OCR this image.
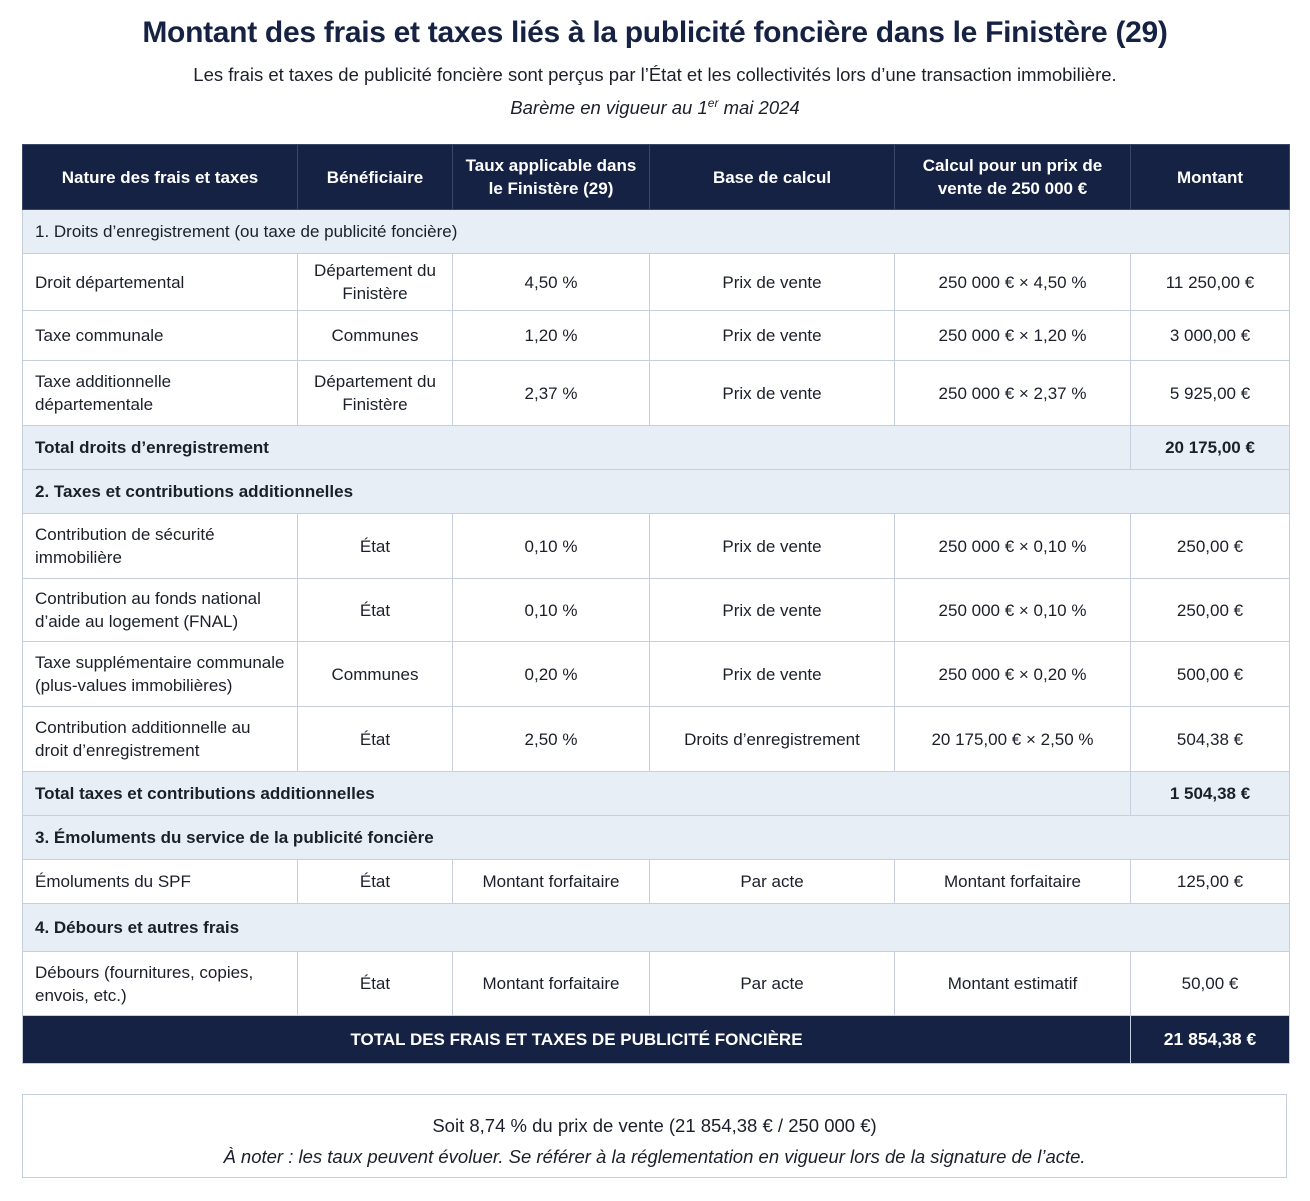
Montant des frais et taxes liés à la publicité foncière dans le Finistère (29)
Les frais et taxes de publicité foncière sont perçus par l’État et les collectivités lors d’une transaction immobilière.
Barème en vigueur au 1er mai 2024
Nature des frais et taxes	Bénéficiaire	Taux applicable dans le Finistère (29)	Base de calcul	Calcul pour un prix de vente de 250 000 €	Montant
1. Droits d’enregistrement (ou taxe de publicité foncière)					
Droit départemental	Département du Finistère	4,50 %	Prix de vente	250 000 € × 4,50 %	11 250,00 €
Taxe communale	Communes	1,20 %	Prix de vente	250 000 € × 1,20 %	3 000,00 €
Taxe additionnelle départementale	Département du Finistère	2,37 %	Prix de vente	250 000 € × 2,37 %	5 925,00 €
Total droits d’enregistrement					20 175,00 €
2. Taxes et contributions additionnelles					
Contribution de sécurité immobilière	État	0,10 %	Prix de vente	250 000 € × 0,10 %	250,00 €
Contribution au fonds national d’aide au logement (FNAL)	État	0,10 %	Prix de vente	250 000 € × 0,10 %	250,00 €
Taxe supplémentaire communale (plus-values immobilières)	Communes	0,20 %	Prix de vente	250 000 € × 0,20 %	500,00 €
Contribution additionnelle au droit d’enregistrement	État	2,50 %	Droits d’enregistrement	20 175,00 € × 2,50 %	504,38 €
Total taxes et contributions additionnelles					1 504,38 €
3. Émoluments du service de la publicité foncière					
Émoluments du SPF	État	Montant forfaitaire	Par acte	Montant forfaitaire	125,00 €
4. Débours et autres frais					
Débours (fournitures, copies, envois, etc.)	État	Montant forfaitaire	Par acte	Montant estimatif	50,00 €
TOTAL DES FRAIS ET TAXES DE PUBLICITÉ FONCIÈRE					21 854,38 €
Soit 8,74 % du prix de vente (21 854,38 € / 250 000 €)
À noter : les taux peuvent évoluer. Se référer à la réglementation en vigueur lors de la signature de l’acte.
